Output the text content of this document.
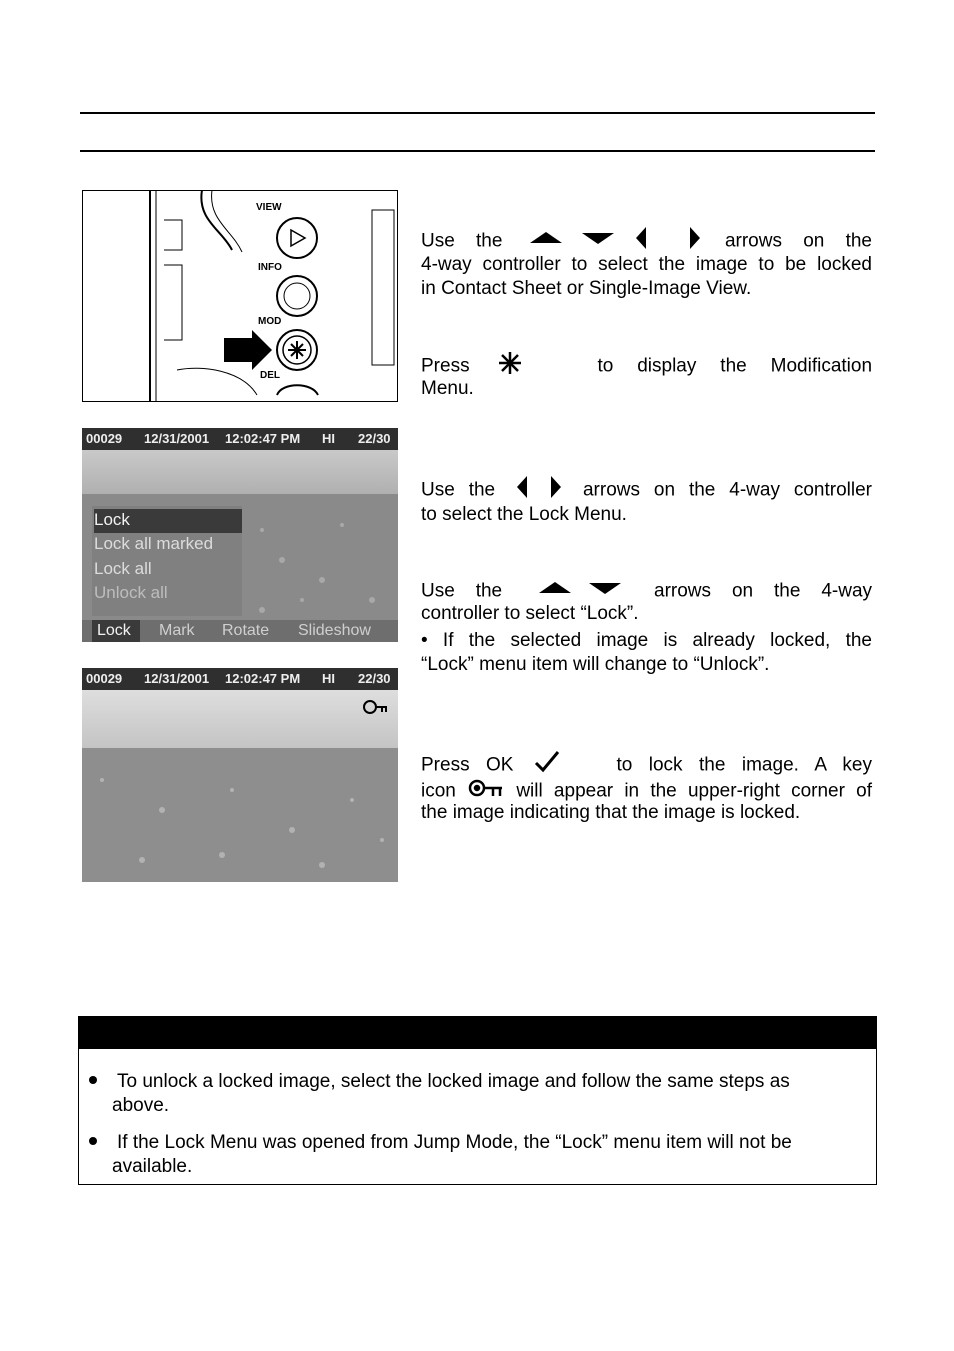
VIEW
INFO
MOD
DEL
00029 12/31/2001 12:02:47 PM HI 22/30
Lock
Lock all marked
Lock all
Unlock all
Lock Mark Rotate Slideshow
00029 12/31/2001 12:02:47 PM HI 22/30
Use the	arrows on the
4-way controller to select the image to be locked
in Contact Sheet or Single-Image View.
Press	to display the Modification
Menu.
Use the	arrows on the 4-way controller
to select the Lock Menu.
Use the	arrows on the 4-way
controller to select “Lock”.
• If the selected image is already locked, the
“Lock” menu item will change to “Unlock”.
Press OK	to lock the image. A key
icon	will appear in the upper-right corner of
the image indicating that the image is locked.
To unlock a locked image, select the locked image and follow the same steps as
above.
If the Lock Menu was opened from Jump Mode, the “Lock” menu item will not be
available.
